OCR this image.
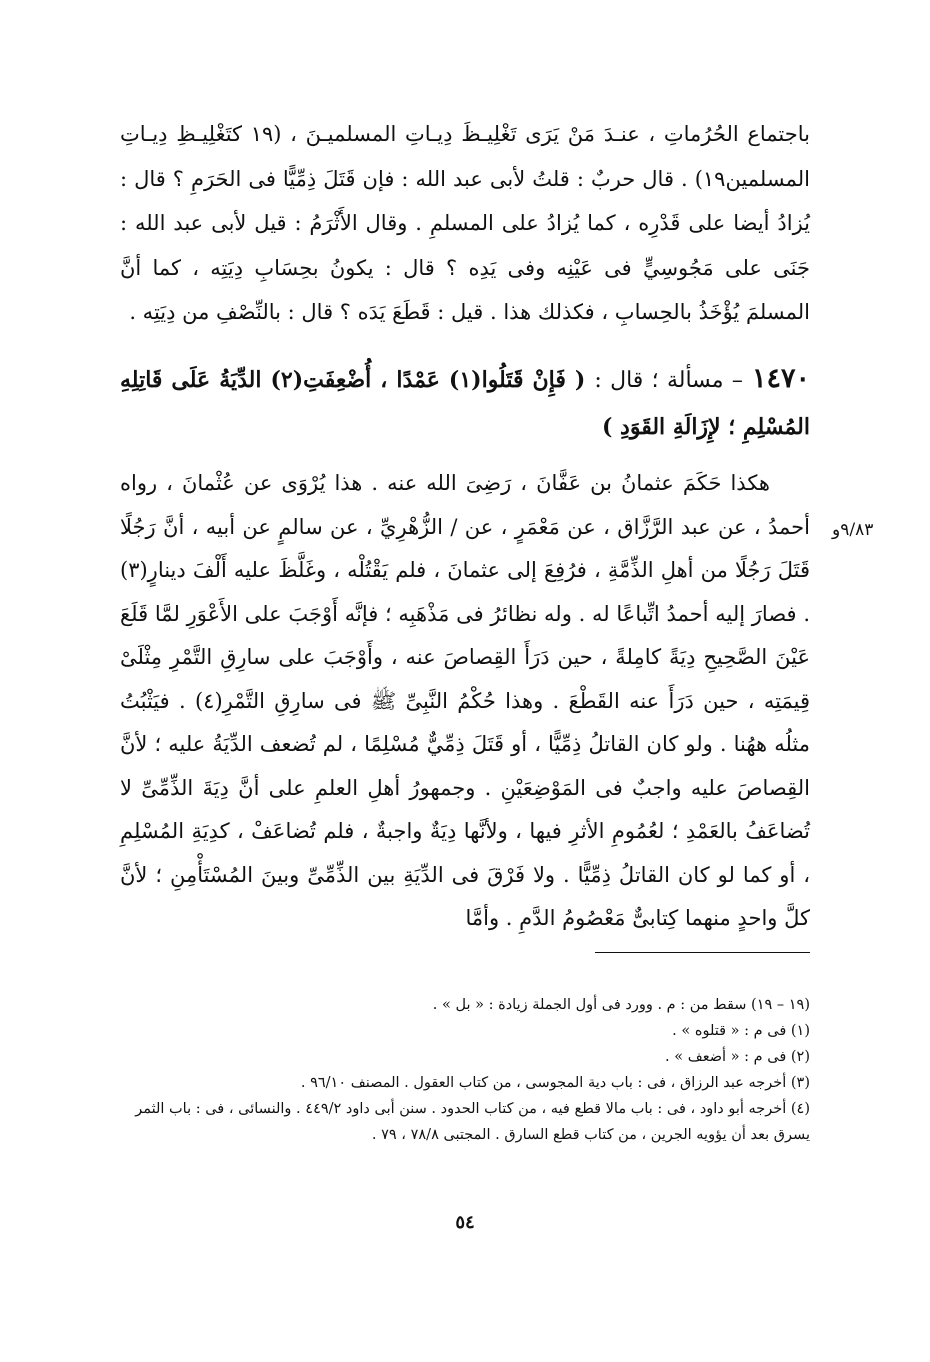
باجتماع الحُرُماتِ ، عنـدَ مَنْ يَرَى تَغْلِيـظَ دِيـاتِ المسلميـنَ ، (١٩ كتَغْلِيـظِ دِيـاتِ المسلمين١٩) . قال حربٌ : قلتُ لأبى عبد الله : فإن قَتَلَ ذِمِّيًّا فى الحَرَمِ ؟ قال : يُزادُ أيضا على قَدْرِه ، كما يُزادُ على المسلمِ . وقال الأَثْرَمُ : قيل لأبى عبد الله : جَنَى على مَجُوسِيٍّ فى عَيْنِه وفى يَدِه ؟ قال : يكونُ بحِسَابِ دِيَتِه ، كما أنَّ المسلمَ يُؤْخَذُ بالحِسابِ ، فكذلك هذا . قيل : قَطَعَ يَدَه ؟ قال : بالنِّصْفِ من دِيَتِه .

١٤٧٠ – مسألة ؛ قال : ( فَإِنْ قَتَلُوا(١) عَمْدًا ، أُضْعِفَتِ(٢) الدِّيَةُ عَلَى قَاتِلِهِ المُسْلِمِ ؛ لإِزَالَةِ القَوَدِ )

هكذا حَكَمَ عثمانُ بن عَفَّانَ ، رَضِىَ الله عنه . هذا يُرْوَى عن عُثْمانَ ، رواه أحمدُ ، عن عبد الرَّزَّاق ، عن مَعْمَرٍ ، عن / الزُّهْرِيِّ ، عن سالمٍ عن أبيه ، أنَّ رَجُلًا قَتَلَ رَجُلًا من أهلِ الذِّمَّةِ ، فرُفِعَ إلى عثمانَ ، فلم يَقْتُلْه ، وغَلَّظَ عليه أَلْفَ دينارٍ(٣) . فصارَ إليه أحمدُ اتِّباعًا له . وله نظائرُ فى مَذْهَبِه ؛ فإنَّه أَوْجَبَ على الأَعْوَرِ لمَّا قَلَعَ عَيْنَ الصَّحِيحِ دِيَةً كامِلةً ، حين دَرَأَ القِصاصَ عنه ، وأَوْجَبَ على سارِقِ التَّمْرِ مِثْلَىْ قِيمَتِه ، حين دَرَأَ عنه القَطْعَ . وهذا حُكْمُ النَّبِىِّ ﷺ فى سارِقِ التَّمْرِ(٤) . فيَثْبُتُ مثلُه ههُنا . ولو كان القاتلُ ذِمِّيًّا ، أو قَتَلَ ذِمِّيٌّ مُسْلِمًا ، لم تُضعف الدِّيَةُ عليه ؛ لأنَّ القِصاصَ عليه واجبٌ فى المَوْضِعَيْنِ . وجمهورُ أهلِ العلمِ على أنَّ دِيَةَ الذِّمِّىِّ لا تُضاعَفُ بالعَمْدِ ؛ لعُمُومِ الأثرِ فيها ، ولأنَّها دِيَةٌ واجبةٌ ، فلم تُضاعَفْ ، كدِيَةِ المُسْلِمِ ، أو كما لو كان القاتلُ ذِمِّيًّا . ولا فَرْقَ فى الدِّيَةِ بين الذِّمِّىِّ وبينَ المُسْتَأْمِنِ ؛ لأنَّ كلَّ واحدٍ منهما كِتابىٌّ مَعْصُومُ الدَّمِ . وأمَّا

٩/٨٣و
(١٩ – ١٩) سقط من : م . وورد فى أول الجملة زيادة : « بل » .
(١) فى م : « قتلوه » .
(٢) فى م : « أضعف » .
(٣) أخرجه عبد الرزاق ، فى : باب دية المجوسى ، من كتاب العقول . المصنف ٩٦/١٠ .
(٤) أخرجه أبو داود ، فى : باب مالا قطع فيه ، من كتاب الحدود . سنن أبى داود ٤٤٩/٢ . والنسائى ، فى : باب الثمر يسرق بعد أن يؤويه الجرين ، من كتاب قطع السارق . المجتبى ٧٨/٨ ، ٧٩ .
٥٤
